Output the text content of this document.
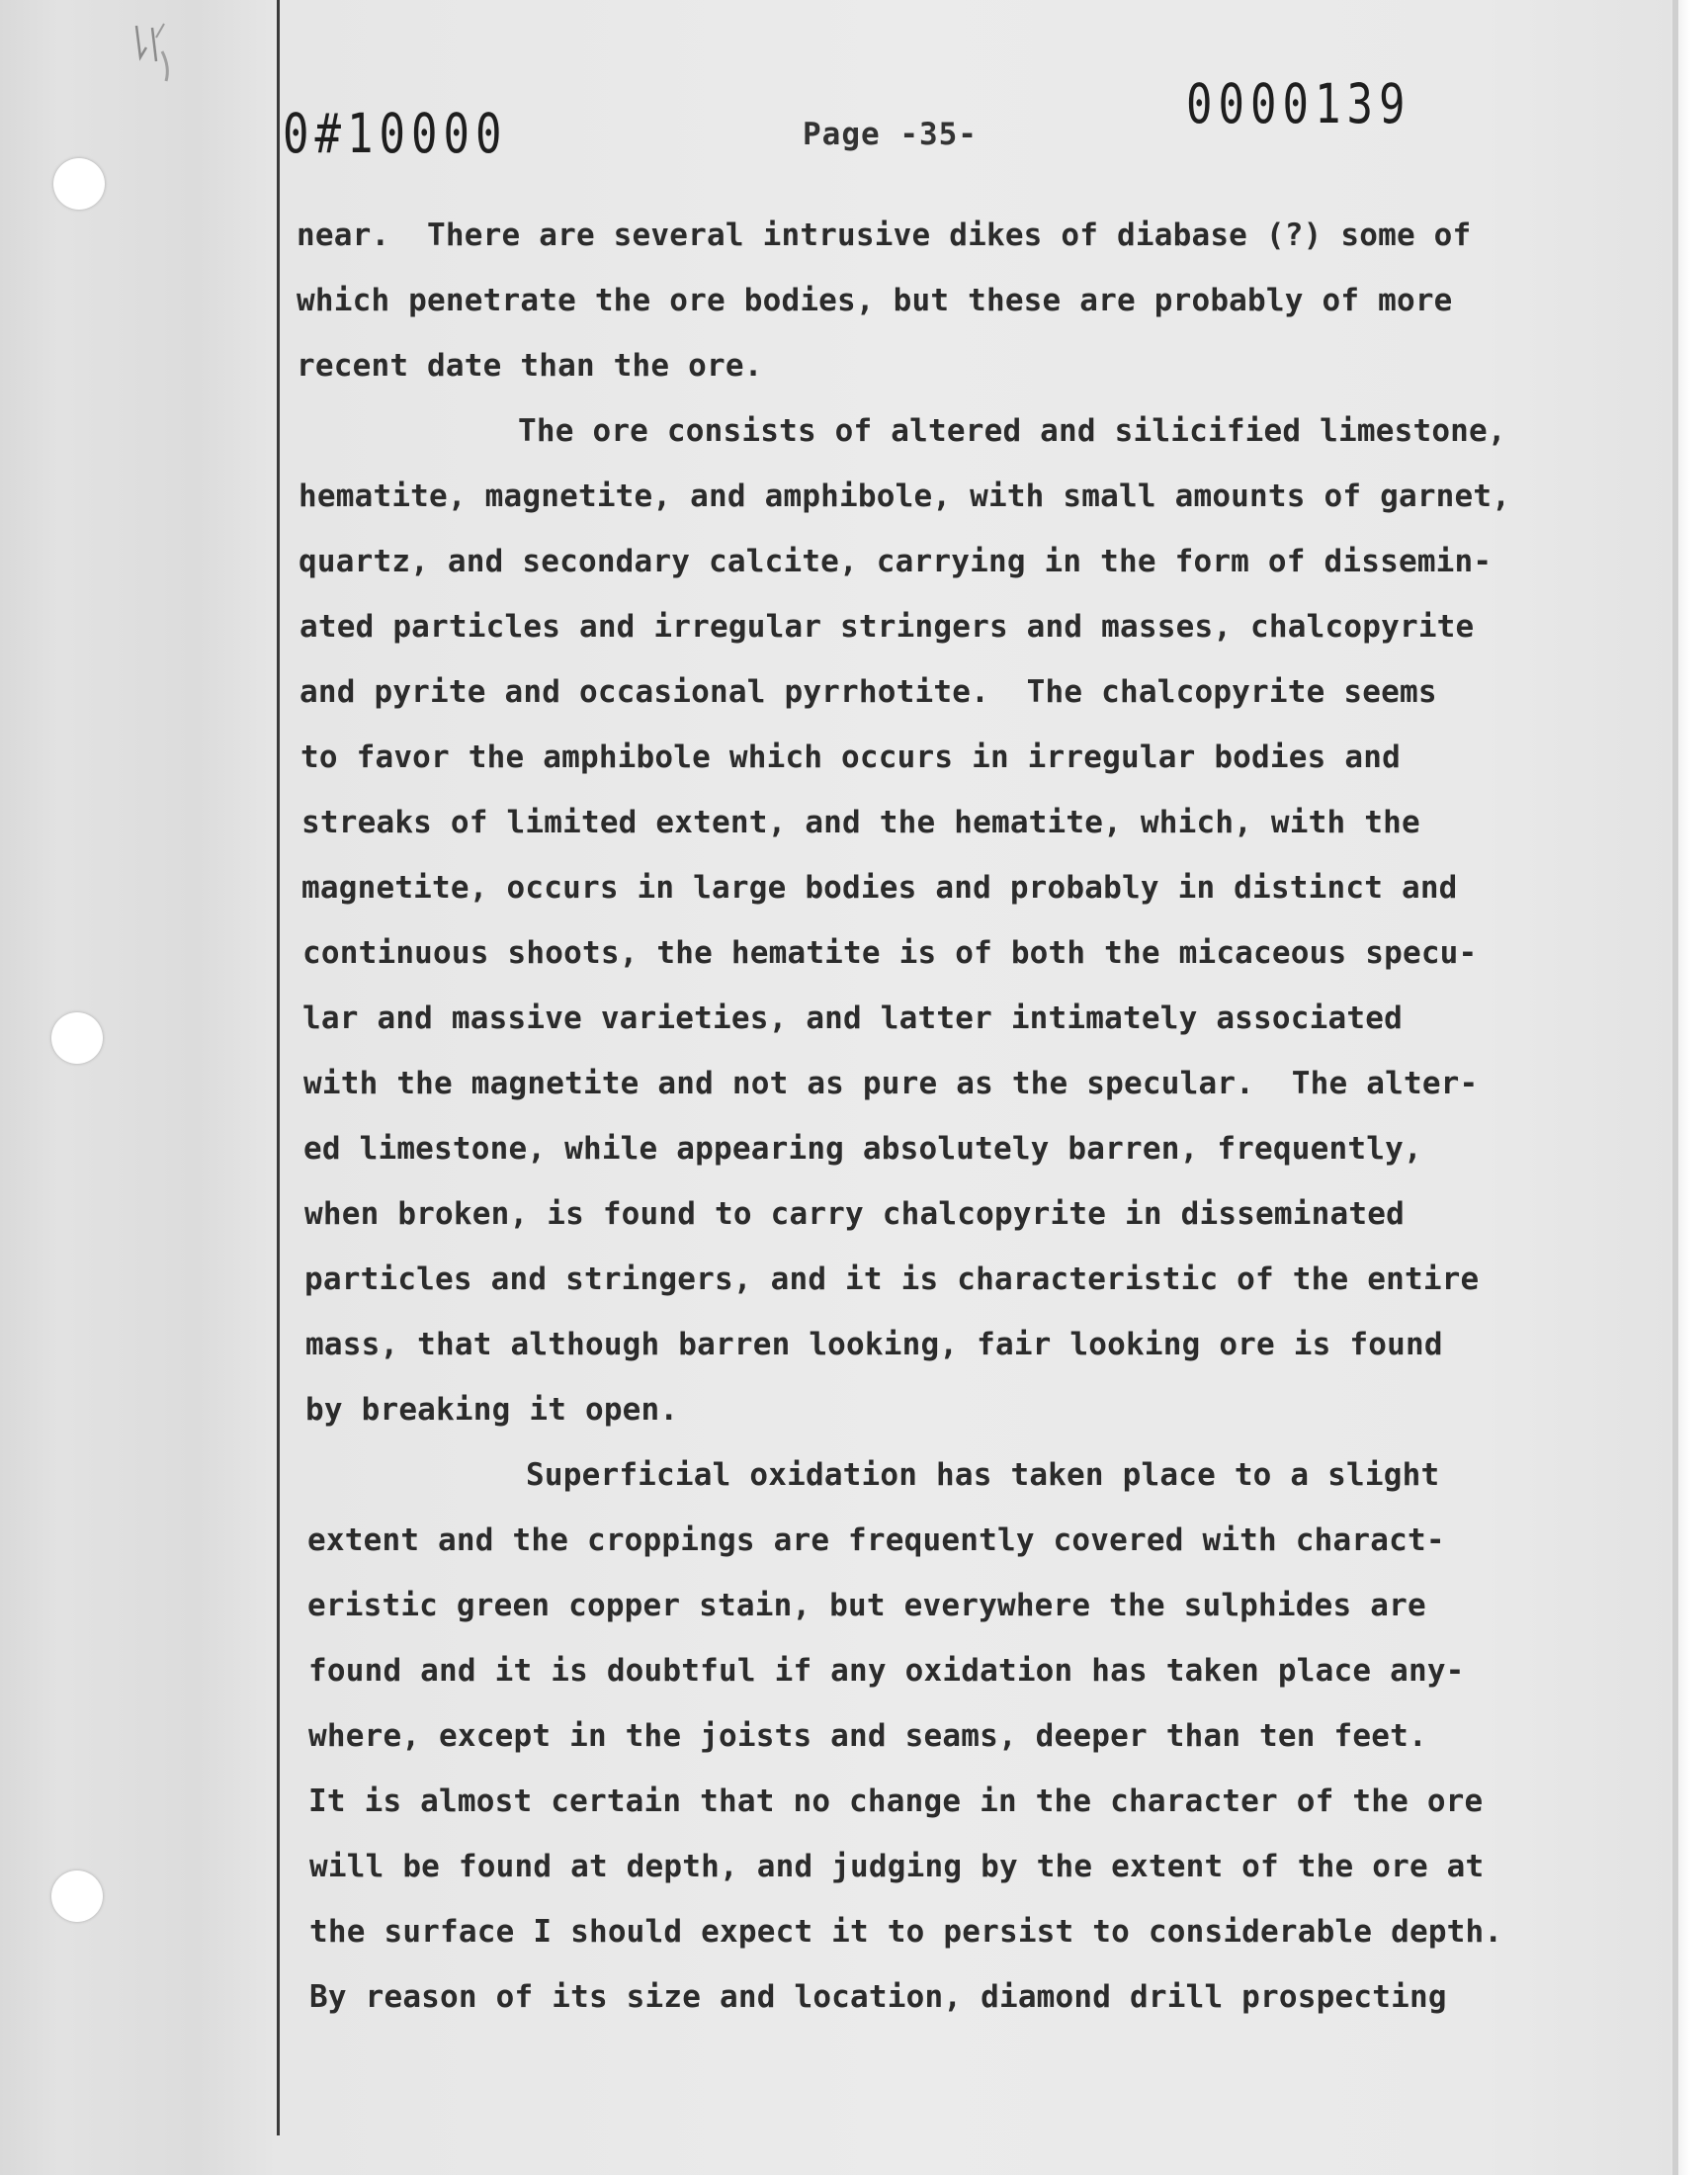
0#10000	Page -35-	0000139
near.  There are several intrusive dikes of diabase (?) some of
which penetrate the ore bodies, but these are probably of more
recent date than the ore.
The ore consists of altered and silicified limestone,
hematite, magnetite, and amphibole, with small amounts of garnet,
quartz, and secondary calcite, carrying in the form of dissemin-
ated particles and irregular stringers and masses, chalcopyrite
and pyrite and occasional pyrrhotite.  The chalcopyrite seems
to favor the amphibole which occurs in irregular bodies and
streaks of limited extent, and the hematite, which, with the
magnetite, occurs in large bodies and probably in distinct and
continuous shoots, the hematite is of both the micaceous specu-
lar and massive varieties, and latter intimately associated
with the magnetite and not as pure as the specular.  The alter-
ed limestone, while appearing absolutely barren, frequently,
when broken, is found to carry chalcopyrite in disseminated
particles and stringers, and it is characteristic of the entire
mass, that although barren looking, fair looking ore is found
by breaking it open.
Superficial oxidation has taken place to a slight
extent and the croppings are frequently covered with charact-
eristic green copper stain, but everywhere the sulphides are
found and it is doubtful if any oxidation has taken place any-
where, except in the joists and seams, deeper than ten feet.
It is almost certain that no change in the character of the ore
will be found at depth, and judging by the extent of the ore at
the surface I should expect it to persist to considerable depth.
By reason of its size and location, diamond drill prospecting
